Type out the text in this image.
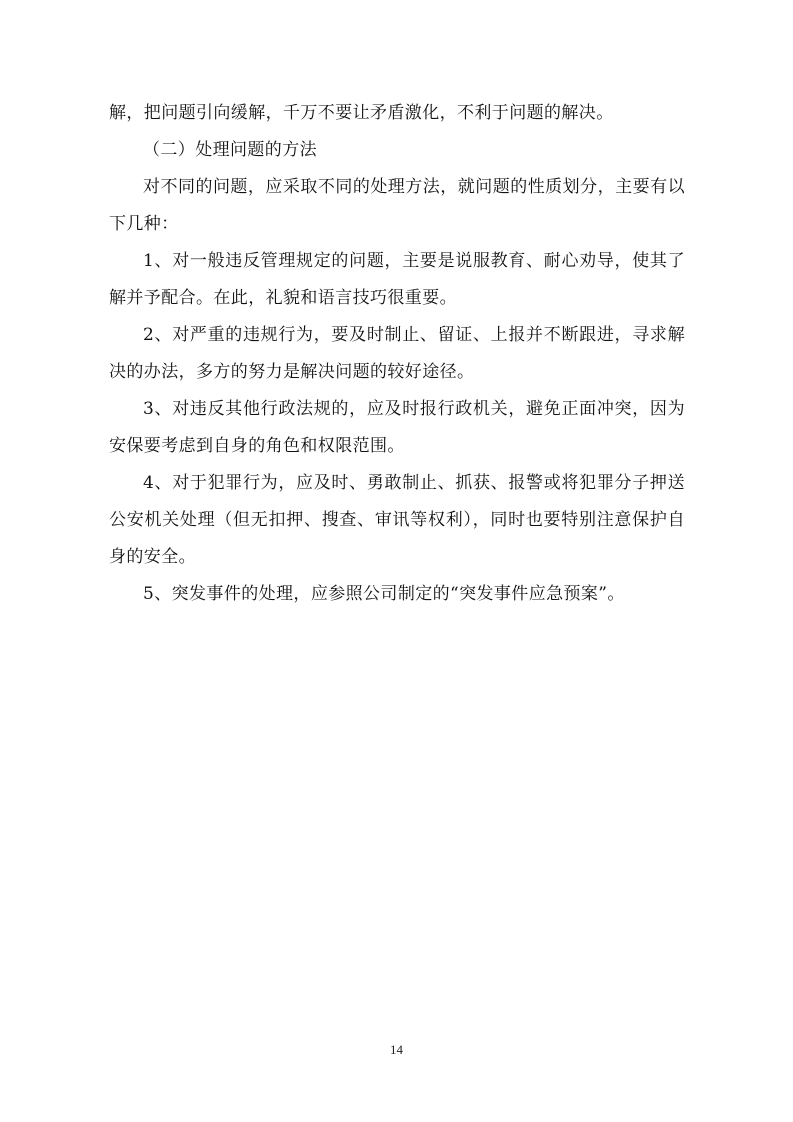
解，把问题引向缓解，千万不要让矛盾激化，不利于问题的解决。

（二）处理问题的方法

对不同的问题，应采取不同的处理方法，就问题的性质划分，主要有以下几种：

1、对一般违反管理规定的问题，主要是说服教育、耐心劝导，使其了解并予配合。在此，礼貌和语言技巧很重要。

2、对严重的违规行为，要及时制止、留证、上报并不断跟进，寻求解决的办法，多方的努力是解决问题的较好途径。

3、对违反其他行政法规的，应及时报行政机关，避免正面冲突，因为安保要考虑到自身的角色和权限范围。

4、对于犯罪行为，应及时、勇敢制止、抓获、报警或将犯罪分子押送公安机关处理（但无扣押、搜查、审讯等权利），同时也要特别注意保护自身的安全。

5、突发事件的处理，应参照公司制定的“突发事件应急预案”。

14
